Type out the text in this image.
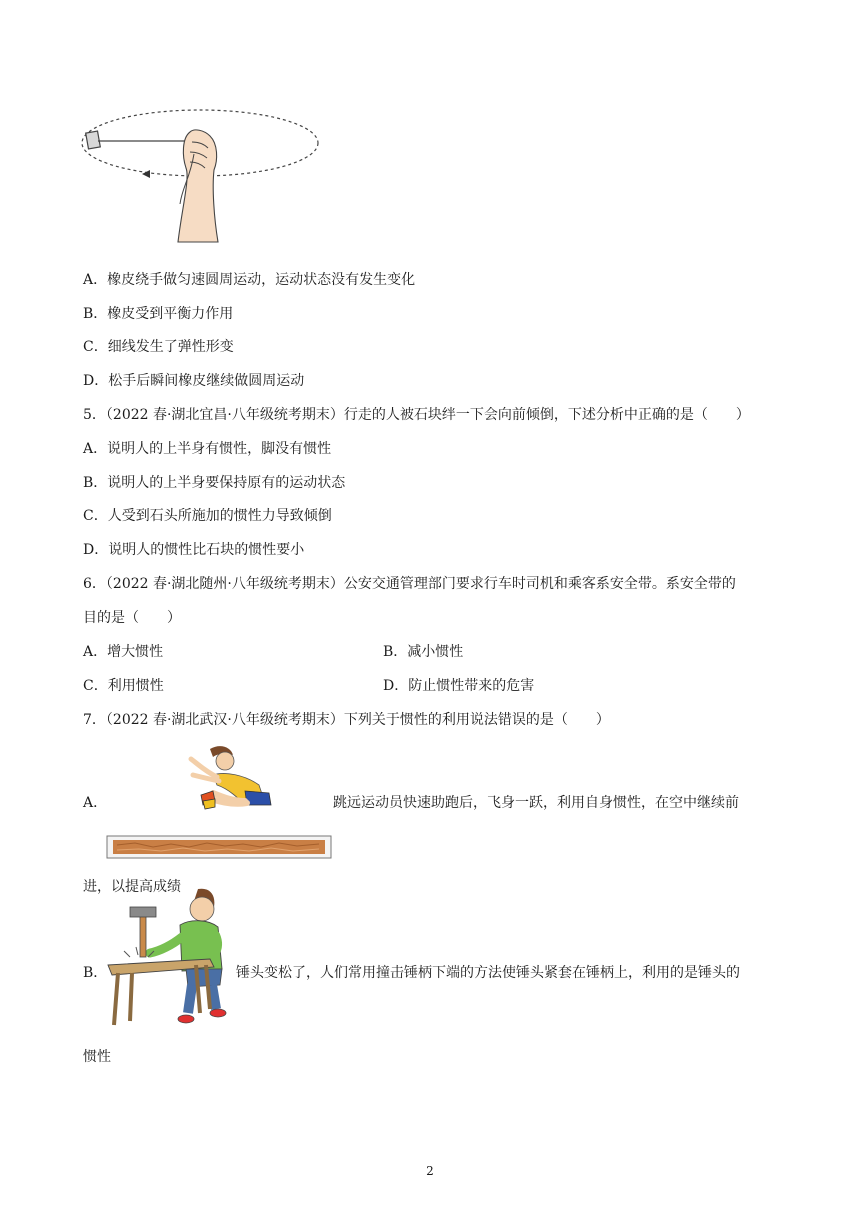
A．橡皮绕手做匀速圆周运动，运动状态没有发生变化
B．橡皮受到平衡力作用
C．细线发生了弹性形变
D．松手后瞬间橡皮继续做圆周运动
5．（2022 春·湖北宜昌·八年级统考期末）行走的人被石块绊一下会向前倾倒，下述分析中正确的是（　　）
A．说明人的上半身有惯性，脚没有惯性
B．说明人的上半身要保持原有的运动状态
C．人受到石头所施加的惯性力导致倾倒
D．说明人的惯性比石块的惯性要小
6．（2022 春·湖北随州·八年级统考期末）公安交通管理部门要求行车时司机和乘客系安全带。系安全带的
目的是（　　）
A．增大惯性	B．减小惯性
C．利用惯性	D．防止惯性带来的危害
7．（2022 春·湖北武汉·八年级统考期末）下列关于惯性的利用说法错误的是（　　）
A．	跳远运动员快速助跑后，飞身一跃，利用自身惯性，在空中继续前
进，以提高成绩
B．	锤头变松了，人们常用撞击锤柄下端的方法使锤头紧套在锤柄上，利用的是锤头的
惯性
2
